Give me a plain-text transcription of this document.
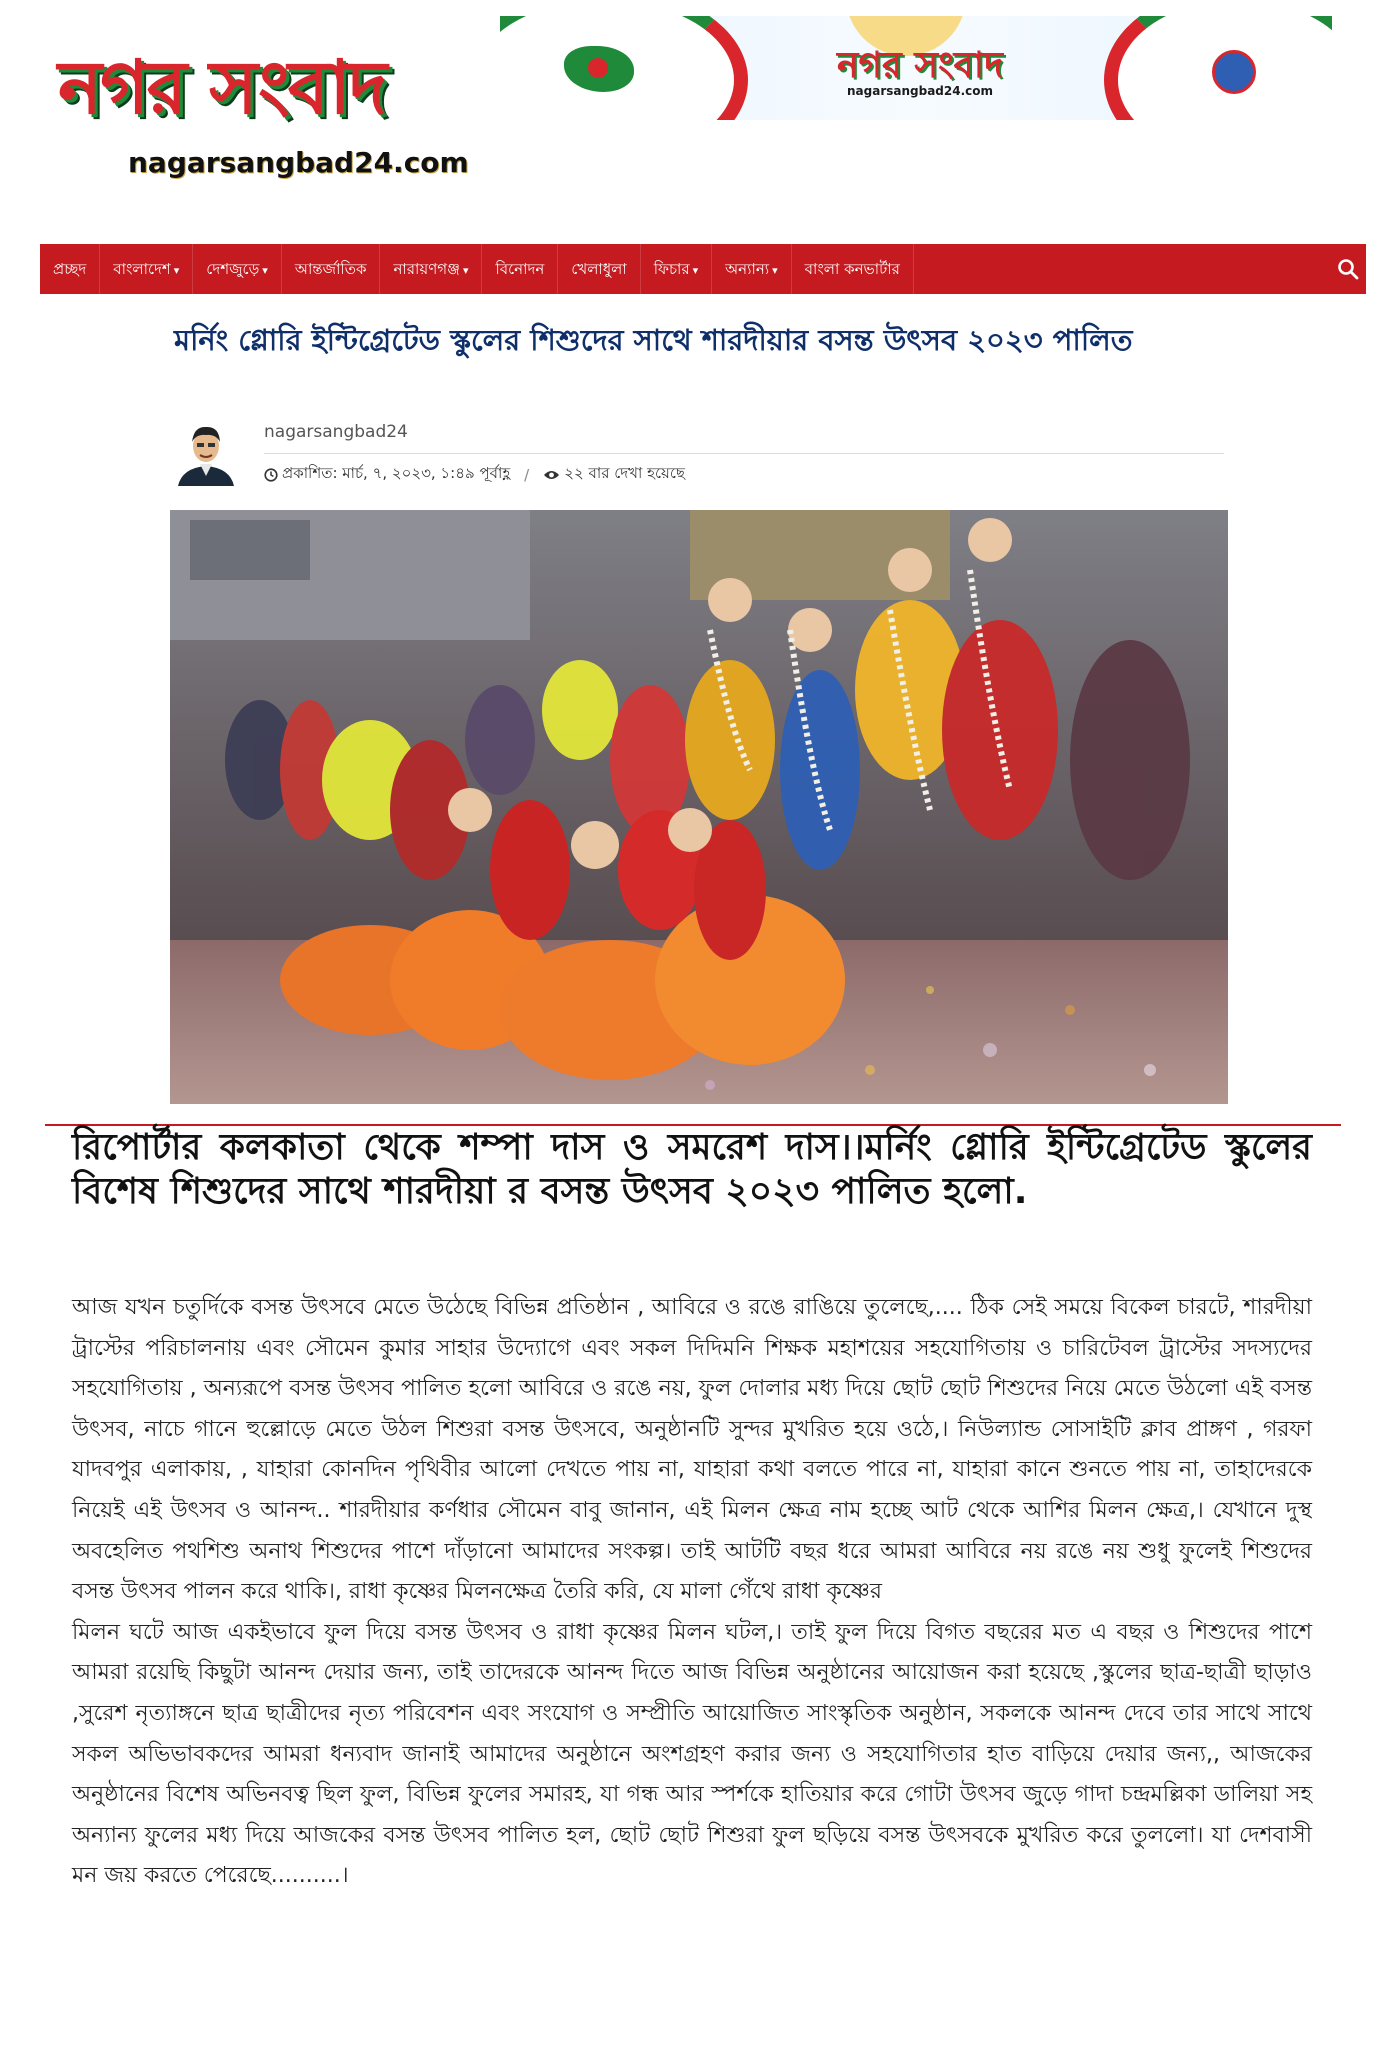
নগর সংবাদ
nagarsangbad24.com
নগর সংবাদ
nagarsangbad24.com
প্রচ্ছদ	বাংলাদেশ ▾	দেশজুড়ে ▾	আন্তর্জাতিক	নারায়ণগঞ্জ ▾	বিনোদন	খেলাধুলা	ফিচার ▾	অন্যান্য ▾	বাংলা কনভার্টার
মর্নিং গ্লোরি ইন্টিগ্রেটেড স্কুলের শিশুদের সাথে শারদীয়ার বসন্ত উৎসব ২০২৩ পালিত
nagarsangbad24
প্রকাশিত: মার্চ, ৭, ২০২৩, ১:৪৯ পূর্বাহ্ণ / ২২ বার দেখা হয়েছে
রিপোর্টার কলকাতা থেকে শম্পা দাস ও সমরেশ দাস।।মর্নিং গ্লোরি ইন্টিগ্রেটেড স্কুলের বিশেষ শিশুদের সাথে শারদীয়া র বসন্ত উৎসব ২০২৩ পালিত হলো.

আজ যখন চতুর্দিকে বসন্ত উৎসবে মেতে উঠেছে বিভিন্ন প্রতিষ্ঠান , আবিরে ও রঙে রাঙিয়ে তুলেছে,.... ঠিক সেই সময়ে বিকেল চারটে, শারদীয়া ট্রাস্টের পরিচালনায় এবং সৌমেন কুমার সাহার উদ্যোগে এবং সকল দিদিমনি শিক্ষক মহাশয়ের সহযোগিতায় ও চারিটেবল ট্রাস্টের সদস্যদের সহযোগিতায় , অন্যরূপে বসন্ত উৎসব পালিত হলো আবিরে ও রঙে নয়, ফুল দোলার মধ্য দিয়ে ছোট ছোট শিশুদের নিয়ে মেতে উঠলো এই বসন্ত উৎসব, নাচে গানে হুল্লোড়ে মেতে উঠল শিশুরা বসন্ত উৎসবে, অনুষ্ঠানটি সুন্দর মুখরিত হয়ে ওঠে,। নিউল্যান্ড সোসাইটি ক্লাব প্রাঙ্গণ , গরফা যাদবপুর এলাকায়, , যাহারা কোনদিন পৃথিবীর আলো দেখতে পায় না, যাহারা কথা বলতে পারে না, যাহারা কানে শুনতে পায় না, তাহাদেরকে নিয়েই এই উৎসব ও আনন্দ.. শারদীয়ার কর্ণধার সৌমেন বাবু জানান, এই মিলন ক্ষেত্র নাম হচ্ছে আট থেকে আশির মিলন ক্ষেত্র,। যেখানে দুস্থ অবহেলিত পথশিশু অনাথ শিশুদের পাশে দাঁড়ানো আমাদের সংকল্প। তাই আটটি বছর ধরে আমরা আবিরে নয় রঙে নয় শুধু ফুলেই শিশুদের বসন্ত উৎসব পালন করে থাকি।, রাধা কৃষ্ণের মিলনক্ষেত্র তৈরি করি, যে মালা গেঁথে রাধা কৃষ্ণের

মিলন ঘটে আজ একইভাবে ফুল দিয়ে বসন্ত উৎসব ও রাধা কৃষ্ণের মিলন ঘটল,। তাই ফুল দিয়ে বিগত বছরের মত এ বছর ও শিশুদের পাশে আমরা রয়েছি কিছুটা আনন্দ দেয়ার জন্য, তাই তাদেরকে আনন্দ দিতে আজ বিভিন্ন অনুষ্ঠানের আয়োজন করা হয়েছে ,স্কুলের ছাত্র-ছাত্রী ছাড়াও ,সুরেশ নৃত্যাঙ্গনে ছাত্র ছাত্রীদের নৃত্য পরিবেশন এবং সংযোগ ও সম্প্রীতি আয়োজিত সাংস্কৃতিক অনুষ্ঠান, সকলকে আনন্দ দেবে তার সাথে সাথে সকল অভিভাবকদের আমরা ধন্যবাদ জানাই আমাদের অনুষ্ঠানে অংশগ্রহণ করার জন্য ও সহযোগিতার হাত বাড়িয়ে দেয়ার জন্য,, আজকের অনুষ্ঠানের বিশেষ অভিনবত্ব ছিল ফুল, বিভিন্ন ফুলের সমারহ, যা গন্ধ আর স্পর্শকে হাতিয়ার করে গোটা উৎসব জুড়ে গাদা চন্দ্রমল্লিকা ডালিয়া সহ অন্যান্য ফুলের মধ্য দিয়ে আজকের বসন্ত উৎসব পালিত হল, ছোট ছোট শিশুরা ফুল ছড়িয়ে বসন্ত উৎসবকে মুখরিত করে তুললো। যা দেশবাসী মন জয় করতে পেরেছে..........।
